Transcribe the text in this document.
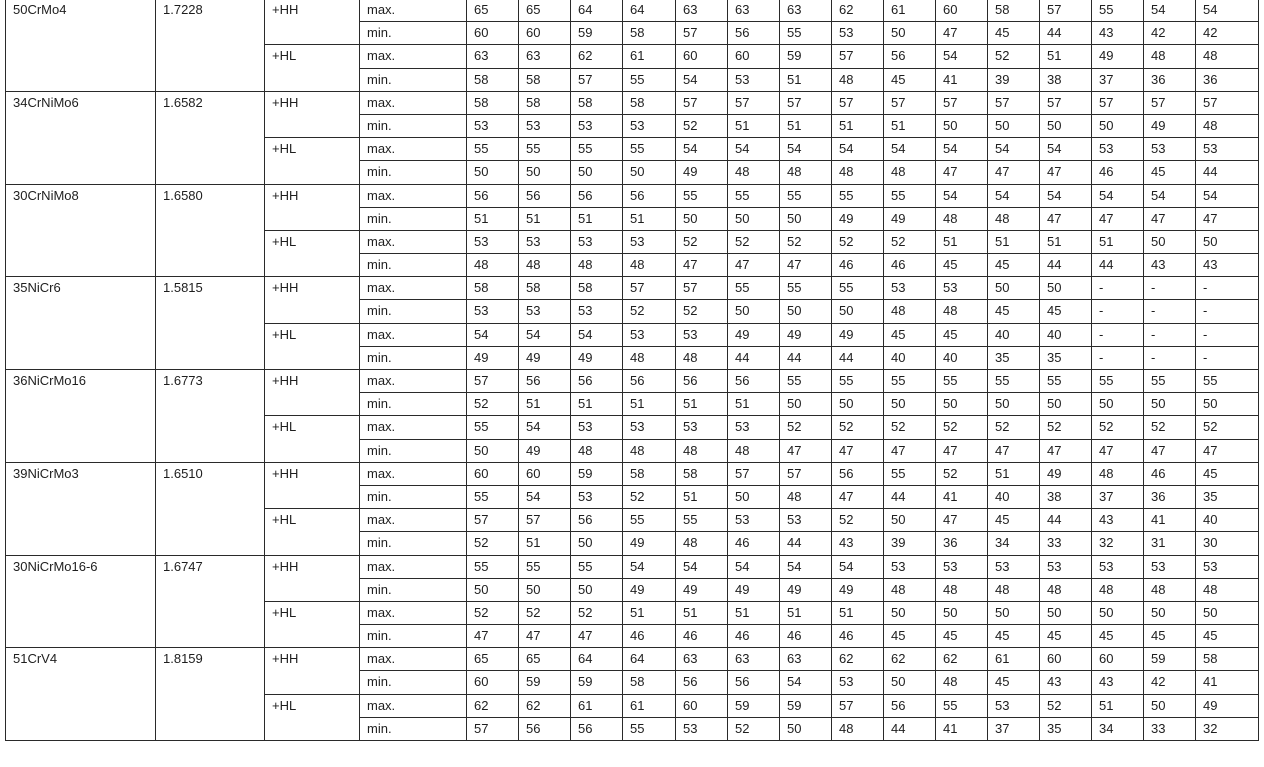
50CrMo4	1.7228	+HH	max.	65	65	64	64	63	63	63	62	61	60	58	57	55	54	54
			min.	60	60	59	58	57	56	55	53	50	47	45	44	43	42	42
		+HL	max.	63	63	62	61	60	60	59	57	56	54	52	51	49	48	48
			min.	58	58	57	55	54	53	51	48	45	41	39	38	37	36	36
34CrNiMo6	1.6582	+HH	max.	58	58	58	58	57	57	57	57	57	57	57	57	57	57	57
			min.	53	53	53	53	52	51	51	51	51	50	50	50	50	49	48
		+HL	max.	55	55	55	55	54	54	54	54	54	54	54	54	53	53	53
			min.	50	50	50	50	49	48	48	48	48	47	47	47	46	45	44
30CrNiMo8	1.6580	+HH	max.	56	56	56	56	55	55	55	55	55	54	54	54	54	54	54
			min.	51	51	51	51	50	50	50	49	49	48	48	47	47	47	47
		+HL	max.	53	53	53	53	52	52	52	52	52	51	51	51	51	50	50
			min.	48	48	48	48	47	47	47	46	46	45	45	44	44	43	43
35NiCr6	1.5815	+HH	max.	58	58	58	57	57	55	55	55	53	53	50	50	-	-	-
			min.	53	53	53	52	52	50	50	50	48	48	45	45	-	-	-
		+HL	max.	54	54	54	53	53	49	49	49	45	45	40	40	-	-	-
			min.	49	49	49	48	48	44	44	44	40	40	35	35	-	-	-
36NiCrMo16	1.6773	+HH	max.	57	56	56	56	56	56	55	55	55	55	55	55	55	55	55
			min.	52	51	51	51	51	51	50	50	50	50	50	50	50	50	50
		+HL	max.	55	54	53	53	53	53	52	52	52	52	52	52	52	52	52
			min.	50	49	48	48	48	48	47	47	47	47	47	47	47	47	47
39NiCrMo3	1.6510	+HH	max.	60	60	59	58	58	57	57	56	55	52	51	49	48	46	45
			min.	55	54	53	52	51	50	48	47	44	41	40	38	37	36	35
		+HL	max.	57	57	56	55	55	53	53	52	50	47	45	44	43	41	40
			min.	52	51	50	49	48	46	44	43	39	36	34	33	32	31	30
30NiCrMo16-6	1.6747	+HH	max.	55	55	55	54	54	54	54	54	53	53	53	53	53	53	53
			min.	50	50	50	49	49	49	49	49	48	48	48	48	48	48	48
		+HL	max.	52	52	52	51	51	51	51	51	50	50	50	50	50	50	50
			min.	47	47	47	46	46	46	46	46	45	45	45	45	45	45	45
51CrV4	1.8159	+HH	max.	65	65	64	64	63	63	63	62	62	62	61	60	60	59	58
			min.	60	59	59	58	56	56	54	53	50	48	45	43	43	42	41
		+HL	max.	62	62	61	61	60	59	59	57	56	55	53	52	51	50	49
			min.	57	56	56	55	53	52	50	48	44	41	37	35	34	33	32
